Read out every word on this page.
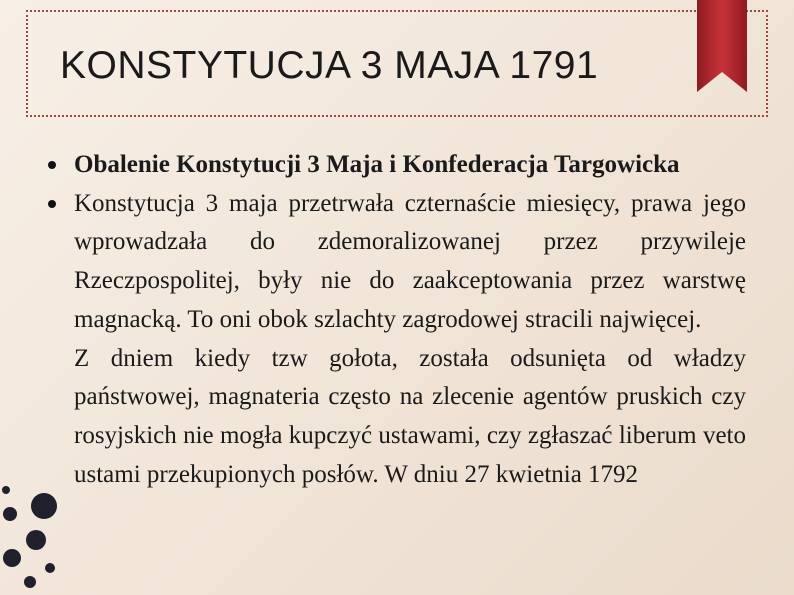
KONSTYTUCJA 3 MAJA 1791
Obalenie Konstytucji 3 Maja i Konfederacja Targowicka
Konstytucja 3 maja przetrwała czternaście miesięcy, prawa jego wprowadzała do zdemoralizowanej przez przywileje Rzeczpospolitej, były nie do zaakceptowania przez warstwę magnacką. To oni obok szlachty zagrodowej stracili najwięcej.
Z dniem kiedy tzw gołota, została odsunięta od władzy państwowej, magnateria często na zlecenie agentów pruskich czy rosyjskich nie mogła kupczyć ustawami, czy zgłaszać liberum veto ustami przekupionych posłów. W dniu 27 kwietnia 1792
